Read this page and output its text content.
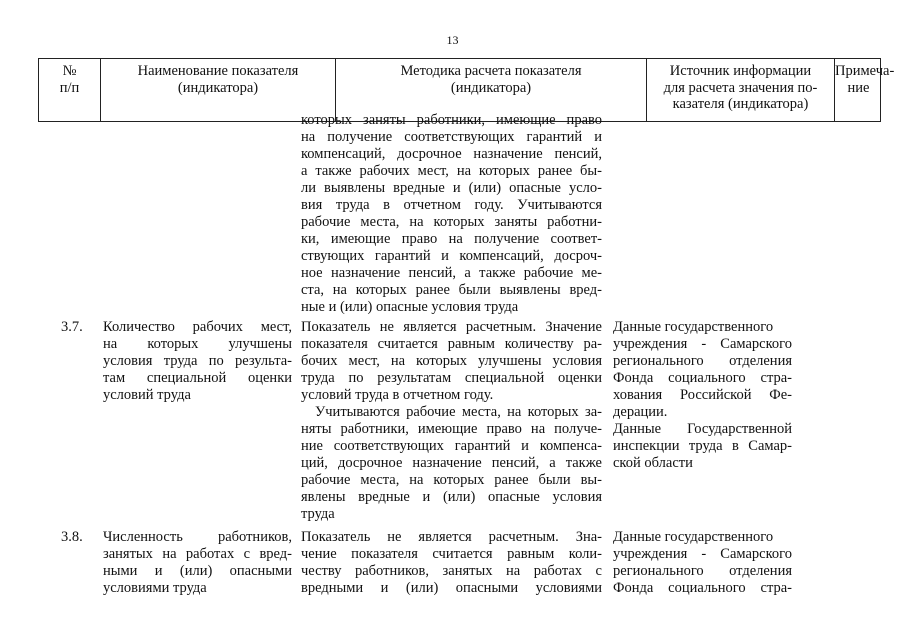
13
№
п/п
Наименование показателя
(индикатора)
Методика расчета показателя
(индикатора)
Источник информации
для расчета значения по-
казателя (индикатора)
Примеча-
ние
которых заняты работники, имеющие право
на получение соответствующих гарантий и
компенсаций, досрочное назначение пенсий,
а также рабочих мест, на которых ранее бы-
ли выявлены вредные и (или) опасные усло-
вия труда в отчетном году. Учитываются
рабочие места, на которых заняты работни-
ки, имеющие право на получение соответ-
ствующих гарантий и компенсаций, досроч-
ное назначение пенсий, а также рабочие ме-
ста, на которых ранее были выявлены вред-
ные и (или) опасные условия труда
3.7. Количество рабочих мест,
на которых улучшены
условия труда по результа-
там специальной оценки
условий труда
Показатель не является расчетным. Значение
показателя считается равным количеству ра-
бочих мест, на которых улучшены условия
труда по результатам специальной оценки
условий труда в отчетном году.
Учитываются рабочие места, на которых за-
няты работники, имеющие право на получе-
ние соответствующих гарантий и компенса-
ций, досрочное назначение пенсий, а также
рабочие места, на которых ранее были вы-
явлены вредные и (или) опасные условия
труда
Данные государственного
учреждения - Самарского
регионального отделения
Фонда социального стра-
хования Российской Фе-
дерации.
Данные Государственной
инспекции труда в Самар-
ской области
3.8. Численность работников,
занятых на работах с вред-
ными и (или) опасными
условиями труда
Показатель не является расчетным. Зна-
чение показателя считается равным коли-
честву работников, занятых на работах с
вредными и (или) опасными условиями
Данные государственного
учреждения - Самарского
регионального отделения
Фонда социального стра-
